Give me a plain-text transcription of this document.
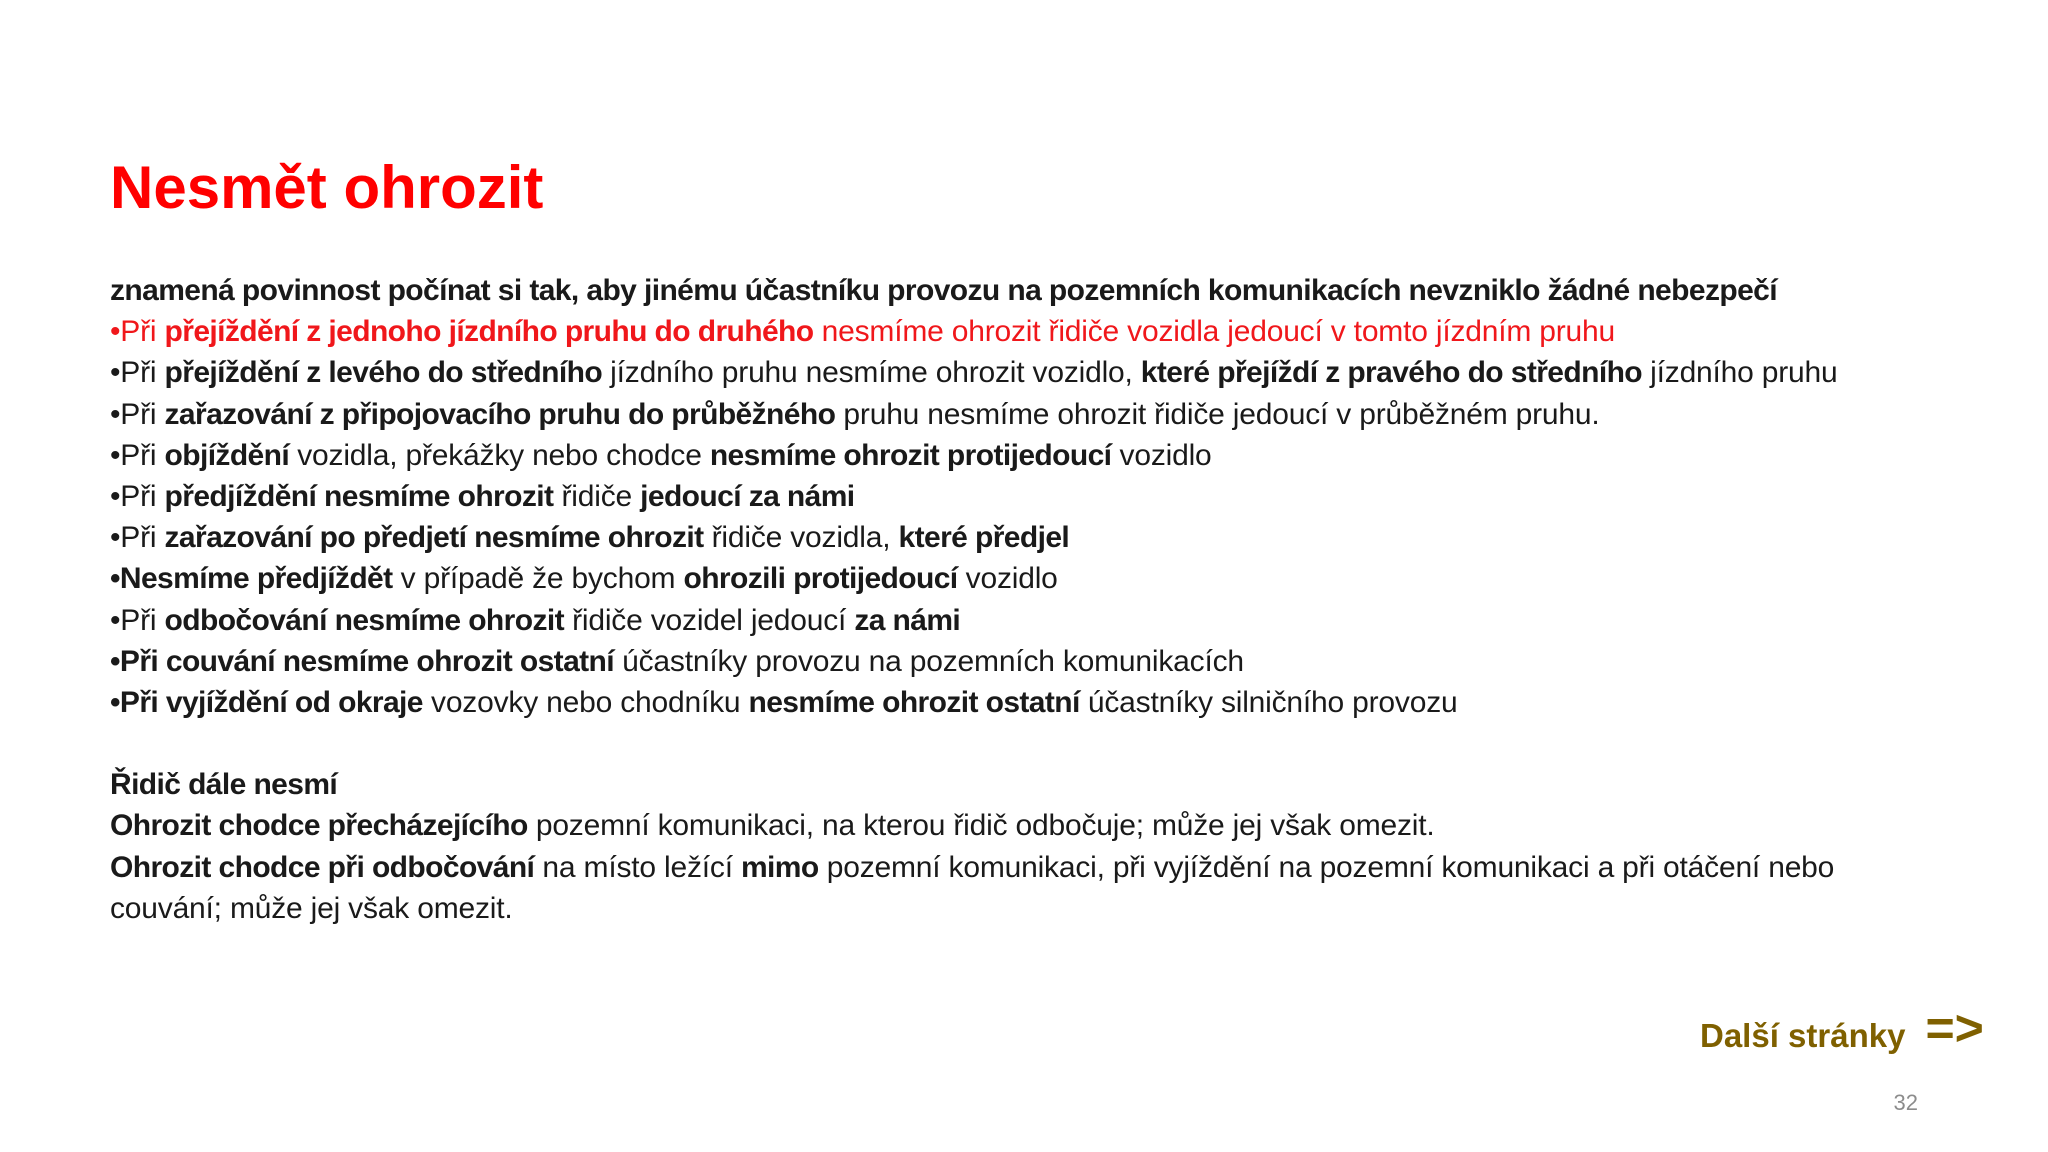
Nesmět ohrozit
znamená povinnost počínat si tak, aby jinému účastníku provozu na pozemních komunikacích nevzniklo žádné nebezpečí
•Při přejíždění z jednoho jízdního pruhu do druhého nesmíme ohrozit řidiče vozidla jedoucí v tomto jízdním pruhu
•Při přejíždění z levého do středního jízdního pruhu nesmíme ohrozit vozidlo, které přejíždí z pravého do středního jízdního pruhu
•Při zařazování z připojovacího pruhu do průběžného pruhu nesmíme ohrozit řidiče jedoucí v průběžném pruhu.
•Při objíždění vozidla, překážky nebo chodce nesmíme ohrozit protijedoucí vozidlo
•Při předjíždění nesmíme ohrozit řidiče jedoucí za námi
•Při zařazování po předjetí nesmíme ohrozit řidiče vozidla, které předjel
•Nesmíme předjíždět v případě že bychom ohrozili protijedoucí vozidlo
•Při odbočování nesmíme ohrozit řidiče vozidel jedoucí za námi
•Při couvání nesmíme ohrozit ostatní účastníky provozu na pozemních komunikacích
•Při vyjíždění od okraje vozovky nebo chodníku nesmíme ohrozit ostatní účastníky silničního provozu
Řidič dále nesmí
Ohrozit chodce přecházejícího pozemní komunikaci, na kterou řidič odbočuje; může jej však omezit.
Ohrozit chodce při odbočování na místo ležící mimo pozemní komunikaci, při vyjíždění na pozemní komunikaci a při otáčení nebo couvání; může jej však omezit.
Další stránky =>
32
